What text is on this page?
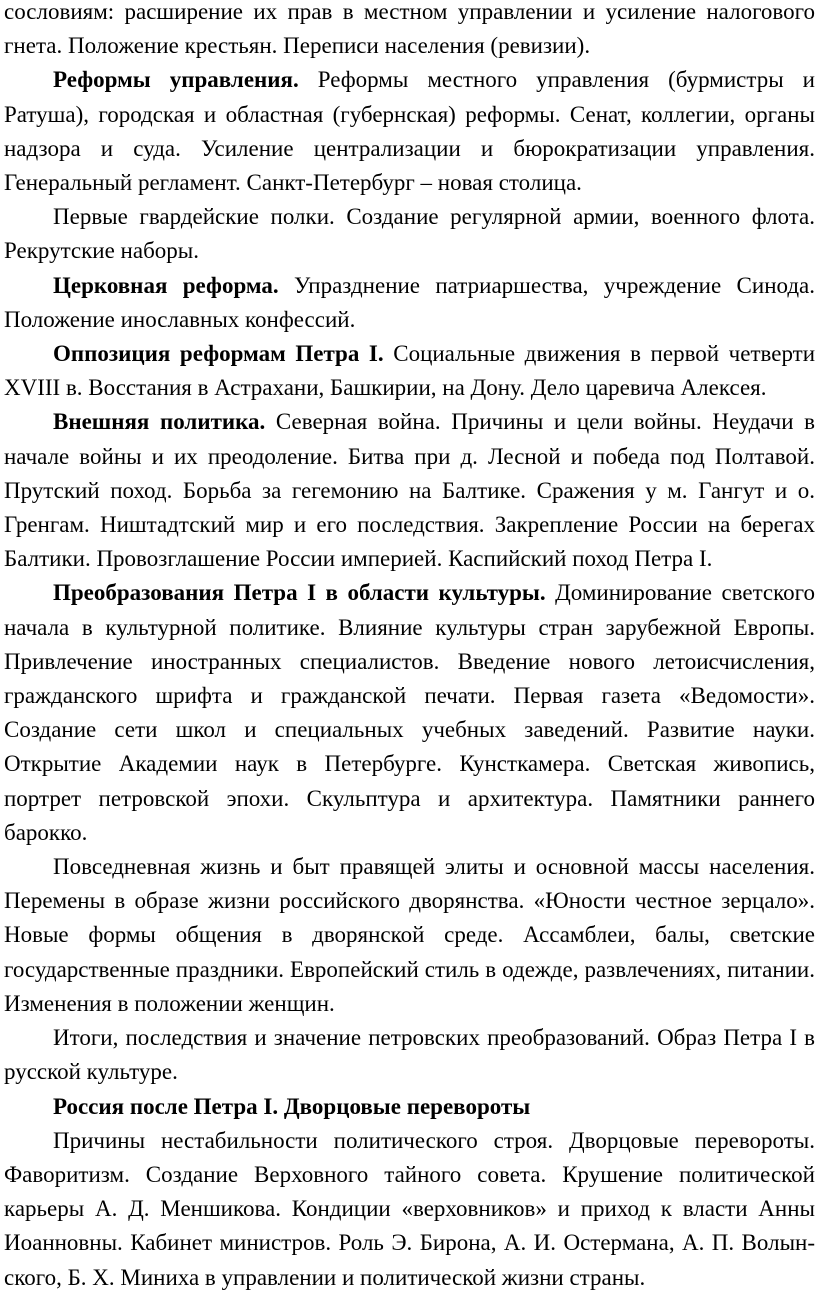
сословиям: расширение их прав в местном управлении и усиление налогового гнета. Положение крестьян. Переписи населения (ревизии).

Реформы управления. Реформы местного управления (бурмистры и Ратуша), городская и областная (губернская) реформы. Сенат, коллегии, органы надзора и суда. Усиление централизации и бюрократизации управления. Генеральный регламент. Санкт-Петербург – новая столица.

Первые гвардейские полки. Создание регулярной армии, военного флота. Рекрутские наборы.

Церковная реформа. Упразднение патриаршества, учреждение Синода. Положение инославных конфессий.

Оппозиция реформам Петра I. Социальные движения в первой четверти XVIII в. Восстания в Астрахани, Башкирии, на Дону. Дело царевича Алексея.

Внешняя политика. Северная война. Причины и цели войны. Неудачи в начале войны и их преодоление. Битва при д. Лесной и победа под Полтавой. Прутский поход. Борьба за гегемонию на Балтике. Сражения у м. Гангут и о. Гренгам. Ништадтский мир и его последствия. Закрепление России на берегах Балтики. Провозглашение России империей. Каспийский поход Петра I.

Преобразования Петра I в области культуры. Доминирование светского начала в культурной политике. Влияние культуры стран зарубежной Европы. Привлечение иностранных специалистов. Введение нового летоисчисления, гражданского шрифта и гражданской печати. Первая газета «Ведомости». Создание сети школ и специальных учебных заведений. Развитие науки. Открытие Академии наук в Петербурге. Кунсткамера. Светская живопись, портрет петровской эпохи. Скульптура и архитектура. Памятники раннего барокко.

Повседневная жизнь и быт правящей элиты и основной массы населения. Перемены в образе жизни российского дворянства. «Юности честное зерцало». Новые формы общения в дворянской среде. Ассамблеи, балы, светские государственные праздники. Европейский стиль в одежде, развлечениях, питании. Изменения в положении женщин.

Итоги, последствия и значение петровских преобразований. Образ Петра I в русской культуре.

Россия после Петра I. Дворцовые перевороты

Причины нестабильности политического строя. Дворцовые перевороты. Фаворитизм. Создание Верховного тайного совета. Крушение политической карьеры А. Д. Меншикова. Кондиции «верховников» и приход к власти Анны Иоанновны. Кабинет министров. Роль Э. Бирона, А. И. Остермана, А. П. Волын- ского, Б. Х. Миниха в управлении и политической жизни страны.
